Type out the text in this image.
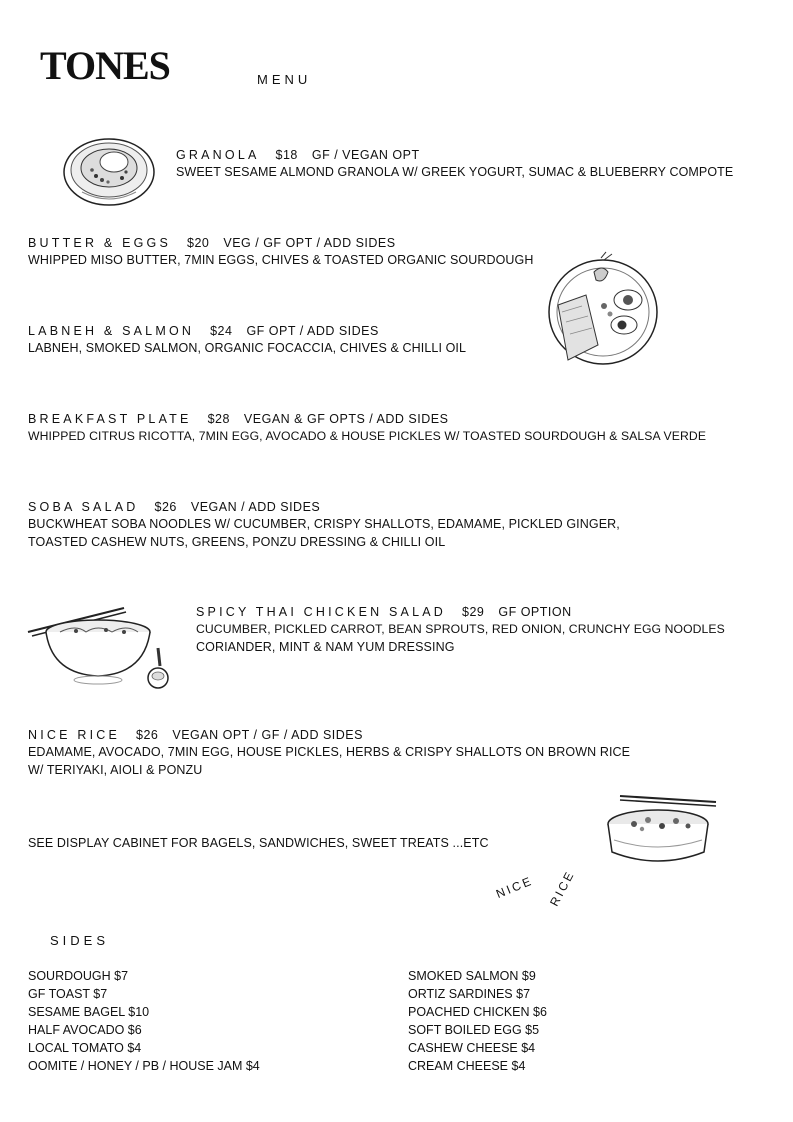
TONES	MENU
GRANOLA $18 GF / VEGAN OPT
SWEET SESAME ALMOND GRANOLA W/ GREEK YOGURT, SUMAC & BLUEBERRY COMPOTE
BUTTER & EGGS $20 VEG / GF OPT / ADD SIDES
WHIPPED MISO BUTTER, 7MIN EGGS, CHIVES & TOASTED ORGANIC SOURDOUGH
LABNEH & SALMON $24 GF OPT / ADD SIDES
LABNEH, SMOKED SALMON, ORGANIC FOCACCIA, CHIVES & CHILLI OIL
BREAKFAST PLATE $28 VEGAN & GF OPTS / ADD SIDES
WHIPPED CITRUS RICOTTA, 7MIN EGG, AVOCADO & HOUSE PICKLES W/ TOASTED SOURDOUGH & SALSA VERDE
SOBA SALAD $26 VEGAN / ADD SIDES
BUCKWHEAT SOBA NOODLES W/ CUCUMBER, CRISPY SHALLOTS, EDAMAME, PICKLED GINGER,
TOASTED CASHEW NUTS, GREENS, PONZU DRESSING & CHILLI OIL
SPICY THAI CHICKEN SALAD $29 GF OPTION
CUCUMBER, PICKLED CARROT, BEAN SPROUTS, RED ONION, CRUNCHY EGG NOODLES
CORIANDER, MINT & NAM YUM DRESSING
NICE RICE $26 VEGAN OPT / GF / ADD SIDES
EDAMAME, AVOCADO, 7MIN EGG, HOUSE PICKLES, HERBS & CRISPY SHALLOTS ON BROWN RICE
W/ TERIYAKI, AIOLI & PONZU
SEE DISPLAY CABINET FOR BAGELS, SANDWICHES, SWEET TREATS ...ETC
NICE RICE
SIDES
SOURDOUGH $7
GF TOAST $7
SESAME BAGEL $10
HALF AVOCADO $6
LOCAL TOMATO $4
OOMITE / HONEY / PB / HOUSE JAM $4
SMOKED SALMON $9
ORTIZ SARDINES $7
POACHED CHICKEN $6
SOFT BOILED EGG $5
CASHEW CHEESE $4
CREAM CHEESE $4
